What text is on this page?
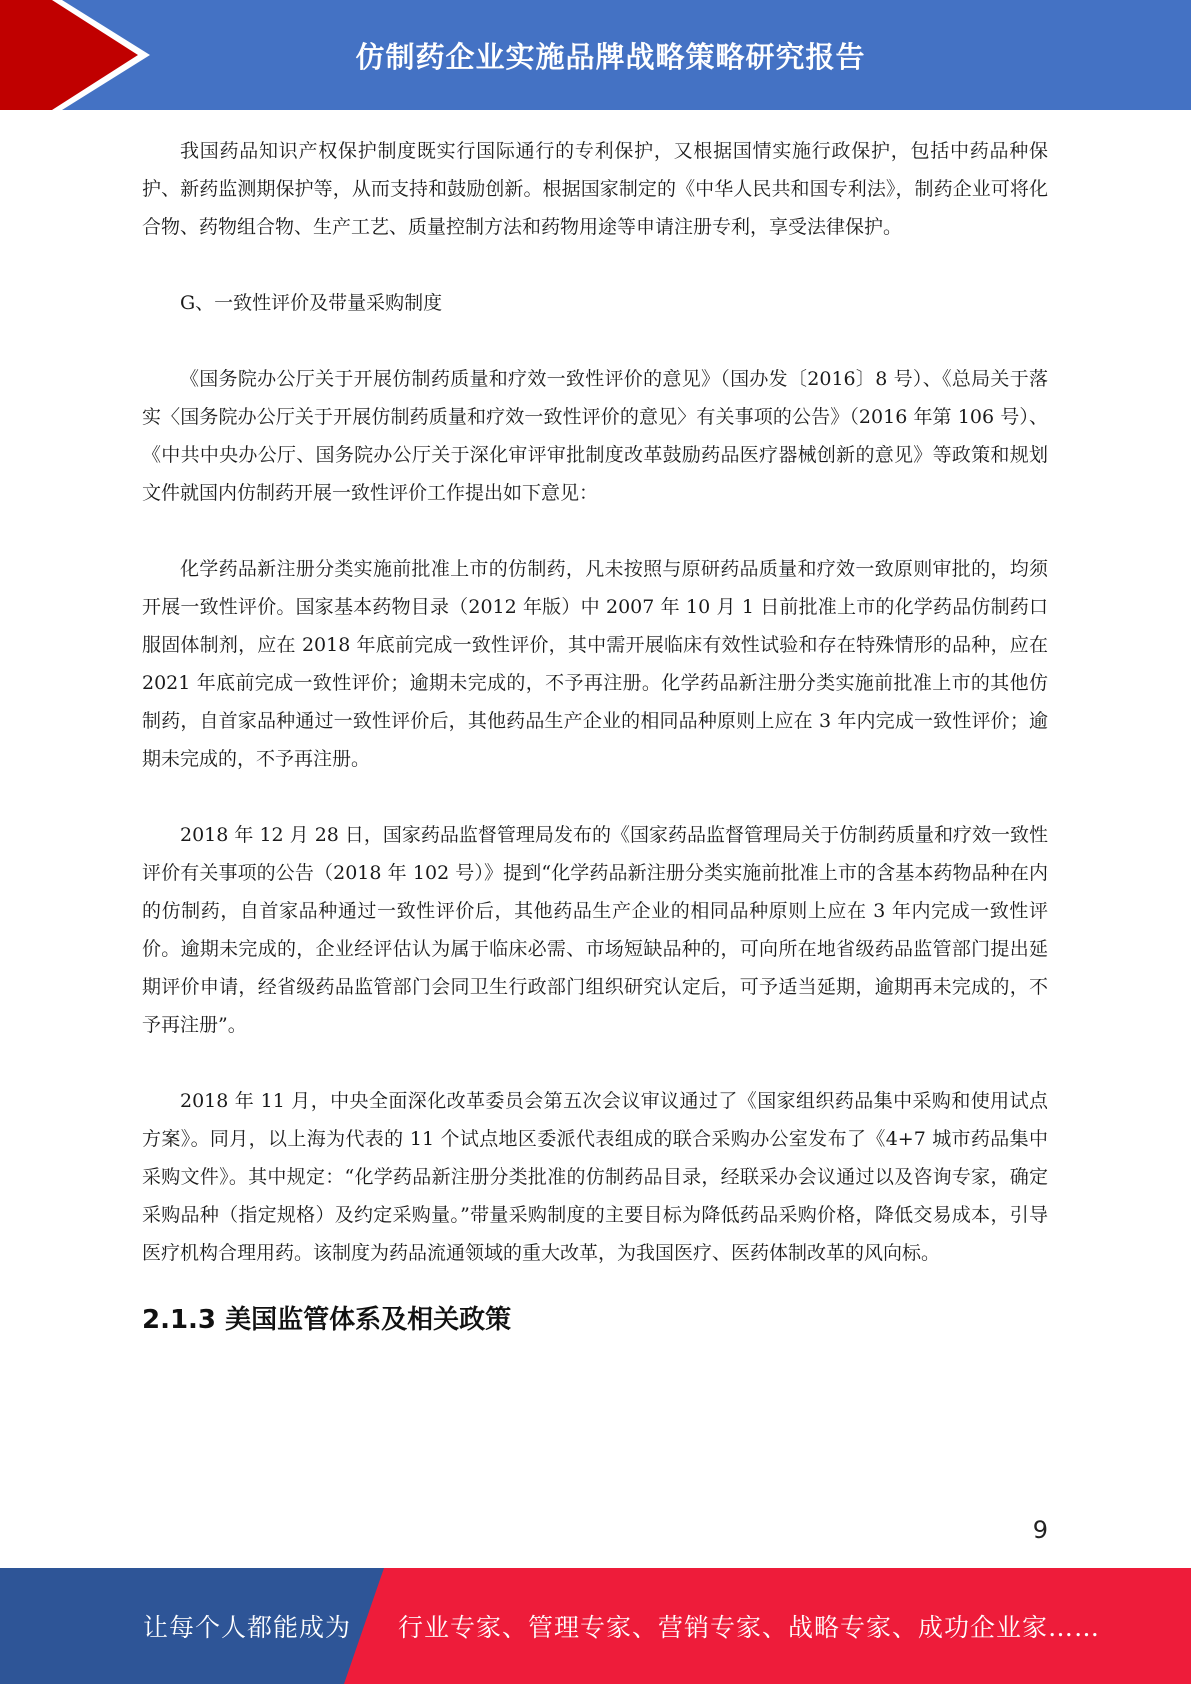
仿制药企业实施品牌战略策略研究报告

我国药品知识产权保护制度既实行国际通行的专利保护，又根据国情实施行政保护，包括中药品种保护、新药监测期保护等，从而支持和鼓励创新。根据国家制定的《中华人民共和国专利法》，制药企业可将化合物、药物组合物、生产工艺、质量控制方法和药物用途等申请注册专利，享受法律保护。

G、一致性评价及带量采购制度

《国务院办公厅关于开展仿制药质量和疗效一致性评价的意见》（国办发〔2016〕8 号）、《总局关于落实〈国务院办公厅关于开展仿制药质量和疗效一致性评价的意见〉有关事项的公告》（2016 年第 106 号）、《中共中央办公厅、国务院办公厅关于深化审评审批制度改革鼓励药品医疗器械创新的意见》等政策和规划文件就国内仿制药开展一致性评价工作提出如下意见：

化学药品新注册分类实施前批准上市的仿制药，凡未按照与原研药品质量和疗效一致原则审批的，均须开展一致性评价。国家基本药物目录（2012 年版）中 2007 年 10 月 1 日前批准上市的化学药品仿制药口服固体制剂，应在 2018 年底前完成一致性评价，其中需开展临床有效性试验和存在特殊情形的品种，应在 2021 年底前完成一致性评价；逾期未完成的，不予再注册。化学药品新注册分类实施前批准上市的其他仿制药，自首家品种通过一致性评价后，其他药品生产企业的相同品种原则上应在 3 年内完成一致性评价；逾期未完成的，不予再注册。

2018 年 12 月 28 日，国家药品监督管理局发布的《国家药品监督管理局关于仿制药质量和疗效一致性评价有关事项的公告（2018 年 102 号）》提到“化学药品新注册分类实施前批准上市的含基本药物品种在内的仿制药，自首家品种通过一致性评价后，其他药品生产企业的相同品种原则上应在 3 年内完成一致性评价。逾期未完成的，企业经评估认为属于临床必需、市场短缺品种的，可向所在地省级药品监管部门提出延期评价申请，经省级药品监管部门会同卫生行政部门组织研究认定后，可予适当延期，逾期再未完成的，不予再注册”。

2018 年 11 月，中央全面深化改革委员会第五次会议审议通过了《国家组织药品集中采购和使用试点方案》。同月，以上海为代表的 11 个试点地区委派代表组成的联合采购办公室发布了《4+7 城市药品集中采购文件》。其中规定：“化学药品新注册分类批准的仿制药品目录，经联采办会议通过以及咨询专家，确定采购品种（指定规格）及约定采购量。”带量采购制度的主要目标为降低药品采购价格，降低交易成本，引导医疗机构合理用药。该制度为药品流通领域的重大改革，为我国医疗、医药体制改革的风向标。

2.1.3 美国监管体系及相关政策
9
让每个人都能成为 行业专家、管理专家、营销专家、战略专家、成功企业家……
